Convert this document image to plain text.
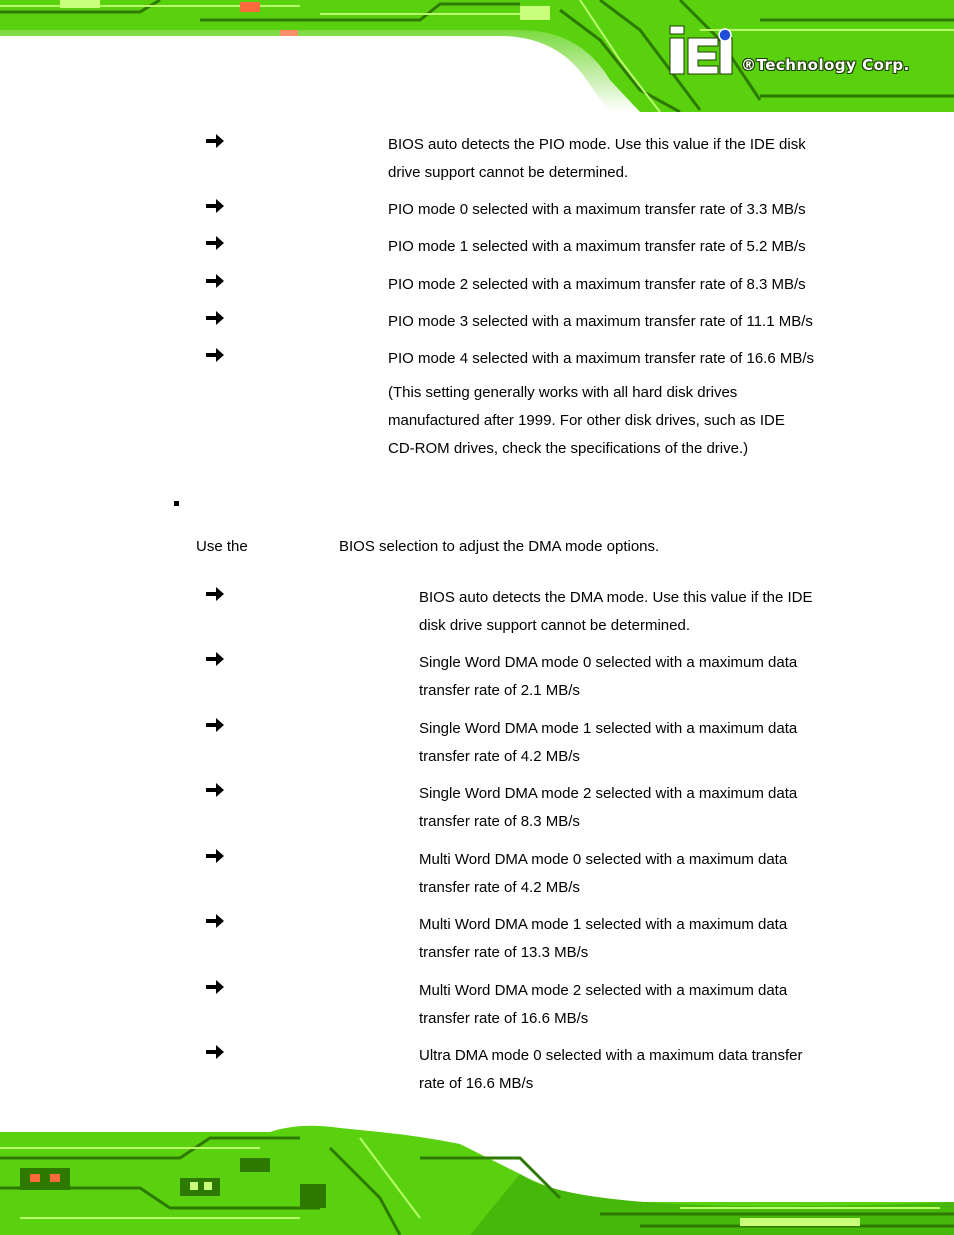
®Technology Corp.
BIOS auto detects the PIO mode. Use this value if the IDE disk
drive support cannot be determined.
PIO mode 0 selected with a maximum transfer rate of 3.3 MB/s
PIO mode 1 selected with a maximum transfer rate of 5.2 MB/s
PIO mode 2 selected with a maximum transfer rate of 8.3 MB/s
PIO mode 3 selected with a maximum transfer rate of 11.1 MB/s
PIO mode 4 selected with a maximum transfer rate of 16.6 MB/s
(This setting generally works with all hard disk drives
manufactured after 1999. For other disk drives, such as IDE
CD-ROM drives, check the specifications of the drive.)
Use the	BIOS selection to adjust the DMA mode options.
BIOS auto detects the DMA mode. Use this value if the IDE
disk drive support cannot be determined.
Single Word DMA mode 0 selected with a maximum data
transfer rate of 2.1 MB/s
Single Word DMA mode 1 selected with a maximum data
transfer rate of 4.2 MB/s
Single Word DMA mode 2 selected with a maximum data
transfer rate of 8.3 MB/s
Multi Word DMA mode 0 selected with a maximum data
transfer rate of 4.2 MB/s
Multi Word DMA mode 1 selected with a maximum data
transfer rate of 13.3 MB/s
Multi Word DMA mode 2 selected with a maximum data
transfer rate of 16.6 MB/s
Ultra DMA mode 0 selected with a maximum data transfer
rate of 16.6 MB/s
